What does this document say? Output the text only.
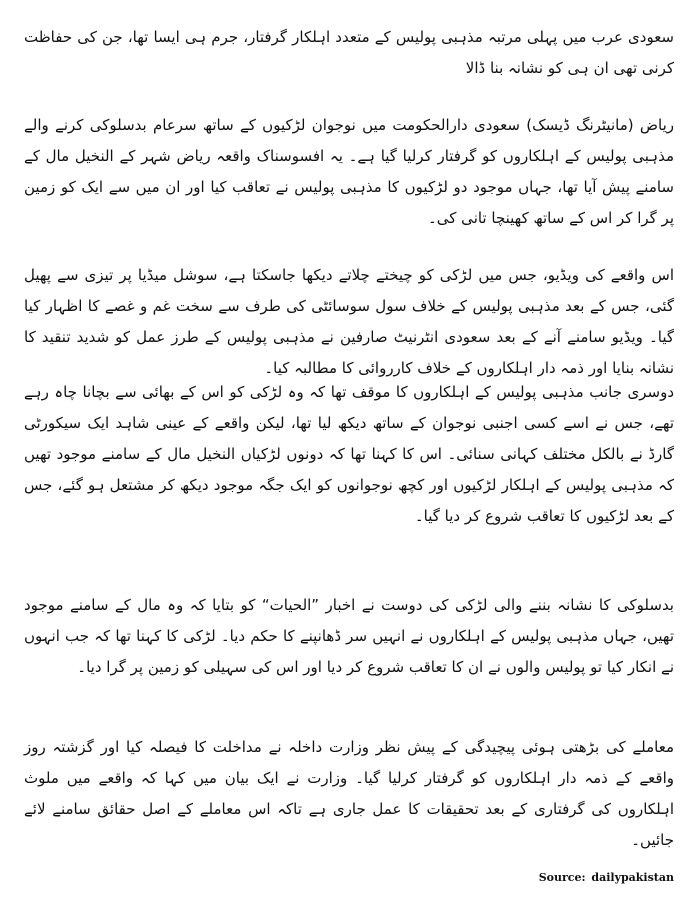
سعودی عرب میں پہلی مرتبہ مذہبی پولیس کے متعدد اہلکار گرفتار، جرم ہی ایسا تھا، جن کی حفاظت کرنی تھی ان ہی کو نشانہ بنا ڈالا

ریاض (مانیٹرنگ ڈیسک) سعودی دارالحکومت میں نوجوان لڑکیوں کے ساتھ سرعام بدسلوکی کرنے والے مذہبی پولیس کے اہلکاروں کو گرفتار کرلیا گیا ہے۔ یہ افسوسناک واقعہ ریاض شہر کے النخیل مال کے سامنے پیش آیا تھا، جہاں موجود دو لڑکیوں کا مذہبی پولیس نے تعاقب کیا اور ان میں سے ایک کو زمین پر گرا کر اس کے ساتھ کھینچا تانی کی۔

اس واقعے کی ویڈیو، جس میں لڑکی کو چیختے چلاتے دیکھا جاسکتا ہے، سوشل میڈیا پر تیزی سے پھیل گئی، جس کے بعد مذہبی پولیس کے خلاف سول سوسائٹی کی طرف سے سخت غم و غصے کا اظہار کیا گیا۔ ویڈیو سامنے آنے کے بعد سعودی انٹرنیٹ صارفین نے مذہبی پولیس کے طرز عمل کو شدید تنقید کا نشانہ بنایا اور ذمہ دار اہلکاروں کے خلاف کارروائی کا مطالبہ کیا۔

دوسری جانب مذہبی پولیس کے اہلکاروں کا موقف تھا کہ وہ لڑکی کو اس کے بھائی سے بچانا چاہ رہے تھے، جس نے اسے کسی اجنبی نوجوان کے ساتھ دیکھ لیا تھا، لیکن واقعے کے عینی شاہد ایک سیکورٹی گارڈ نے بالکل مختلف کہانی سنائی۔ اس کا کہنا تھا کہ دونوں لڑکیاں النخیل مال کے سامنے موجود تھیں کہ مذہبی پولیس کے اہلکار لڑکیوں اور کچھ نوجوانوں کو ایک جگہ موجود دیکھ کر مشتعل ہو گئے، جس کے بعد لڑکیوں کا تعاقب شروع کر دیا گیا۔

بدسلوکی کا نشانہ بننے والی لڑکی کی دوست نے اخبار ”الحیات“ کو بتایا کہ وہ مال کے سامنے موجود تھیں، جہاں مذہبی پولیس کے اہلکاروں نے انہیں سر ڈھانپنے کا حکم دیا۔ لڑکی کا کہنا تھا کہ جب انہوں نے انکار کیا تو پولیس والوں نے ان کا تعاقب شروع کر دیا اور اس کی سہیلی کو زمین پر گرا دیا۔

معاملے کی بڑھتی ہوئی پیچیدگی کے پیش نظر وزارت داخلہ نے مداخلت کا فیصلہ کیا اور گزشتہ روز واقعے کے ذمہ دار اہلکاروں کو گرفتار کرلیا گیا۔ وزارت نے ایک بیان میں کہا کہ واقعے میں ملوث اہلکاروں کی گرفتاری کے بعد تحقیقات کا عمل جاری ہے تاکہ اس معاملے کے اصل حقائق سامنے لائے جائیں۔

Source: dailypakistan
